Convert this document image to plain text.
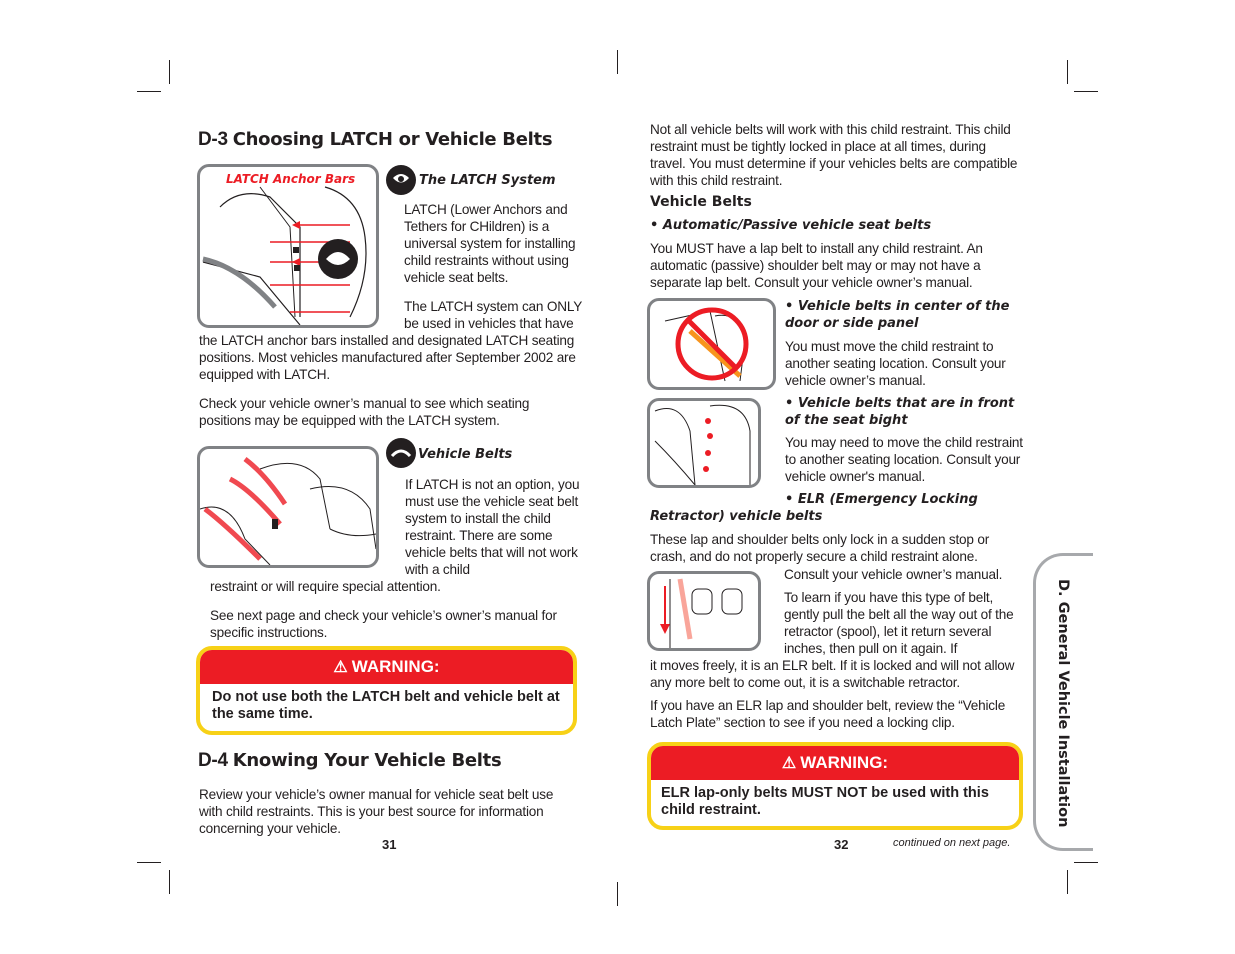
D-3 Choosing LATCH or Vehicle Belts
LATCH Anchor Bars	The LATCH System
LATCH (Lower Anchors and Tethers for CHildren) is a universal system for installing child restraints without using vehicle seat belts.
The LATCH system can ONLY be used in vehicles that have
the LATCH anchor bars installed and designated LATCH seating positions. Most vehicles manufactured after September 2002 are equipped with LATCH.
Check your vehicle owner’s manual to see which seating positions may be equipped with the LATCH system.
Vehicle Belts
If LATCH is not an option, you must use the vehicle seat belt system to install the child restraint. There are some vehicle belts that will not work with a child
restraint or will require special attention.
See next page and check your vehicle’s owner’s manual for specific instructions.
⚠ WARNING:
Do not use both the LATCH belt and vehicle belt at the same time.
D-4 Knowing Your Vehicle Belts
Review your vehicle’s owner manual for vehicle seat belt use with child restraints. This is your best source for information concerning your vehicle.
31
Not all vehicle belts will work with this child restraint. This child restraint must be tightly locked in place at all times, during travel. You must determine if your vehicles belts are compatible with this child restraint.
Vehicle Belts
• Automatic/Passive vehicle seat belts
You MUST have a lap belt to install any child restraint. An automatic (passive) shoulder belt may or may not have a separate lap belt. Consult your vehicle owner’s manual.
• Vehicle belts in center of the door or side panel
You must move the child restraint to another seating location. Consult your vehicle owner’s manual.
• Vehicle belts that are in front of the seat bight
You may need to move the child restraint to another seating location. Consult your vehicle owner's manual.
• ELR (Emergency Locking
Retractor) vehicle belts
These lap and shoulder belts only lock in a sudden stop or crash, and do not properly secure a child restraint alone.
Consult your vehicle owner’s manual.
To learn if you have this type of belt, gently pull the belt all the way out of the retractor (spool), let it return several inches, then pull on it again. If
it moves freely, it is an ELR belt. If it is locked and will not allow any more belt to come out, it is a switchable retractor.
If you have an ELR lap and shoulder belt, review the “Vehicle Latch Plate” section to see if you need a locking clip.
⚠ WARNING:
ELR lap-only belts MUST NOT be used with this child restraint.
32	continued on next page.
D. General Vehicle Installation
